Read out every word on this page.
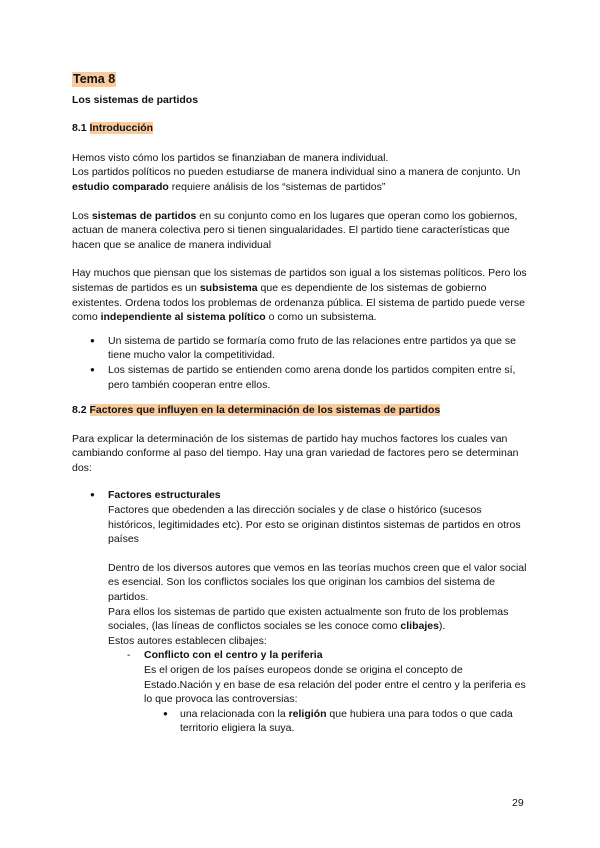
Tema 8
Los sistemas de partidos
8.1 Introducción

Hemos visto cómo los partidos se finanziaban de manera individual.
Los partidos políticos no pueden estudiarse de manera individual sino a manera de conjunto. Un estudio comparado requiere análisis de los “sistemas de partidos”

Los sistemas de partidos en su conjunto como en los lugares que operan como los gobiernos, actuan de manera colectiva pero si tienen singualaridades. El partido tiene características que hacen que se analice de manera individual

Hay muchos que piensan que los sistemas de partidos son igual a los sistemas políticos. Pero los sistemas de partidos es un subsistema que es dependiente de los sistemas de gobierno existentes. Ordena todos los problemas de ordenanza pública. El sistema de partido puede verse como independiente al sistema político o como un subsistema.

● Un sistema de partido se formaría como fruto de las relaciones entre partidos ya que se tiene mucho valor la competitividad.
● Los sistemas de partido se entienden como arena donde los partidos compiten entre sí, pero también cooperan entre ellos.
8.2 Factores que influyen en la determinación de los sistemas de partidos

Para explicar la determinación de los sistemas de partido hay muchos factores los cuales van cambiando conforme al paso del tiempo. Hay una gran variedad de factores pero se determinan dos:

● Factores estructurales

Factores que obedenden a las dirección sociales y de clase o histórico (sucesos históricos, legitimidades etc). Por esto se originan distintos sistemas de partidos en otros países

Dentro de los diversos autores que vemos en las teorías muchos creen que el valor social es esencial. Son los conflictos sociales los que originan los cambios del sistema de partidos.

Para ellos los sistemas de partido que existen actualmente son fruto de los problemas sociales, (las líneas de conflictos sociales se les conoce como clibajes).

Estos autores establecen clibajes:

- Conflicto con el centro y la periferia

Es el origen de los países europeos donde se origina el concepto de Estado.Nación y en base de esa relación del poder entre el centro y la periferia es lo que provoca las controversias:

● una relacionada con la religión que hubiera una para todos o que cada territorio eligiera la suya.
29
